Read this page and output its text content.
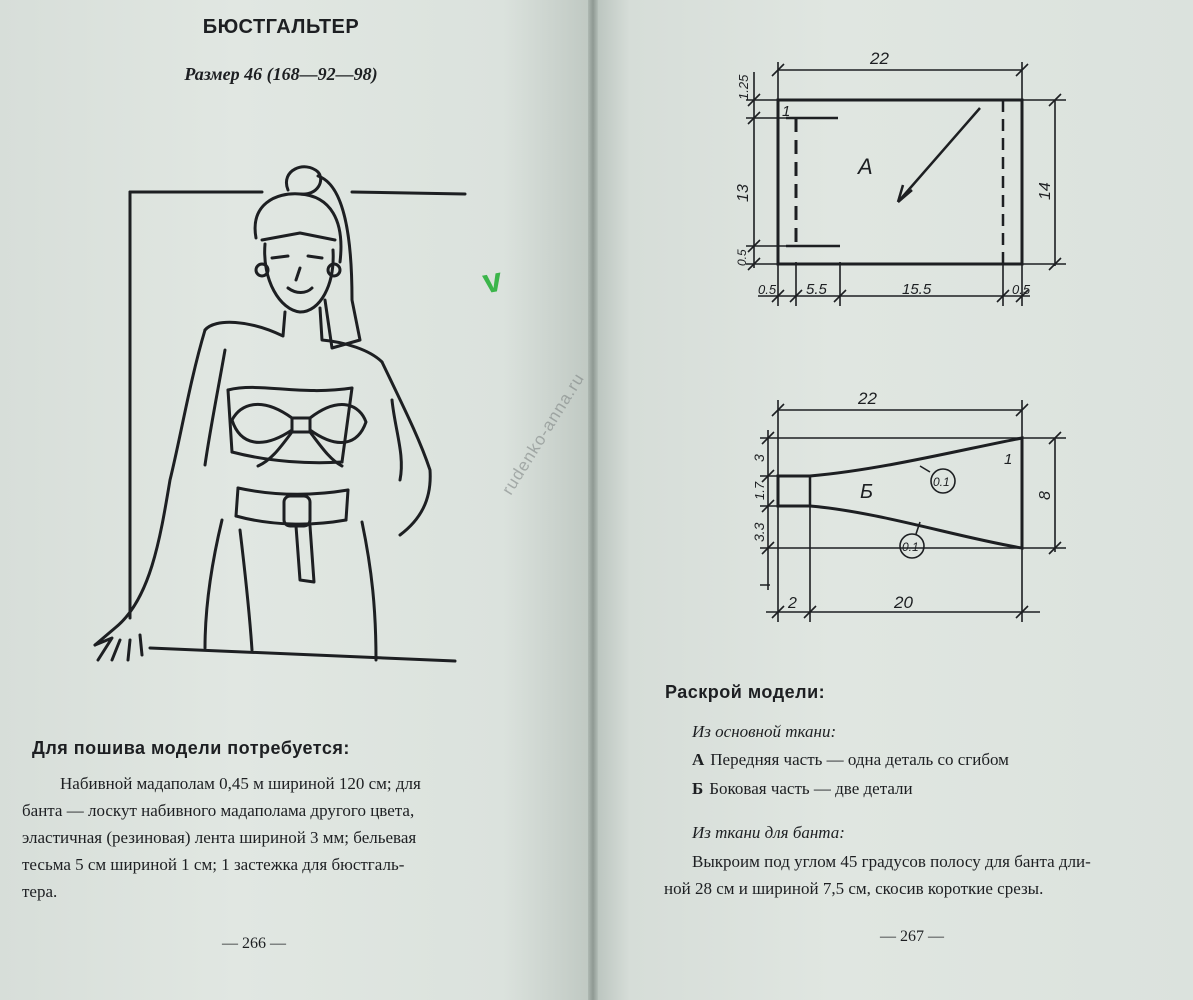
БЮСТГАЛЬТЕР
Размер 46 (168—92—98)
v
Для пошива модели потребуется:
Набивной мадаполам 0,45 м шириной 120 см; для
банта — лоскут набивного мадаполама другого цвета,
эластичная (резиновая) лента шириной 3 мм; бельевая
тесьма 5 см шириной 1 см; 1 застежка для бюстгаль-
тера.
— 266 —
rudenko-anna.ru
А
1
22
1.25
13
0.5
14
0.5 5.5	15.5	0.5
Б
1
0.1
0.1
22
3
1.7
3.3
8
2	20
Раскрой модели:
Из основной ткани:
А Передняя часть — одна деталь со сгибом
Б Боковая часть — две детали
Из ткани для банта:
Выкроим под углом 45 градусов полосу для банта дли-
ной 28 см и шириной 7,5 см, скосив короткие срезы.
— 267 —
